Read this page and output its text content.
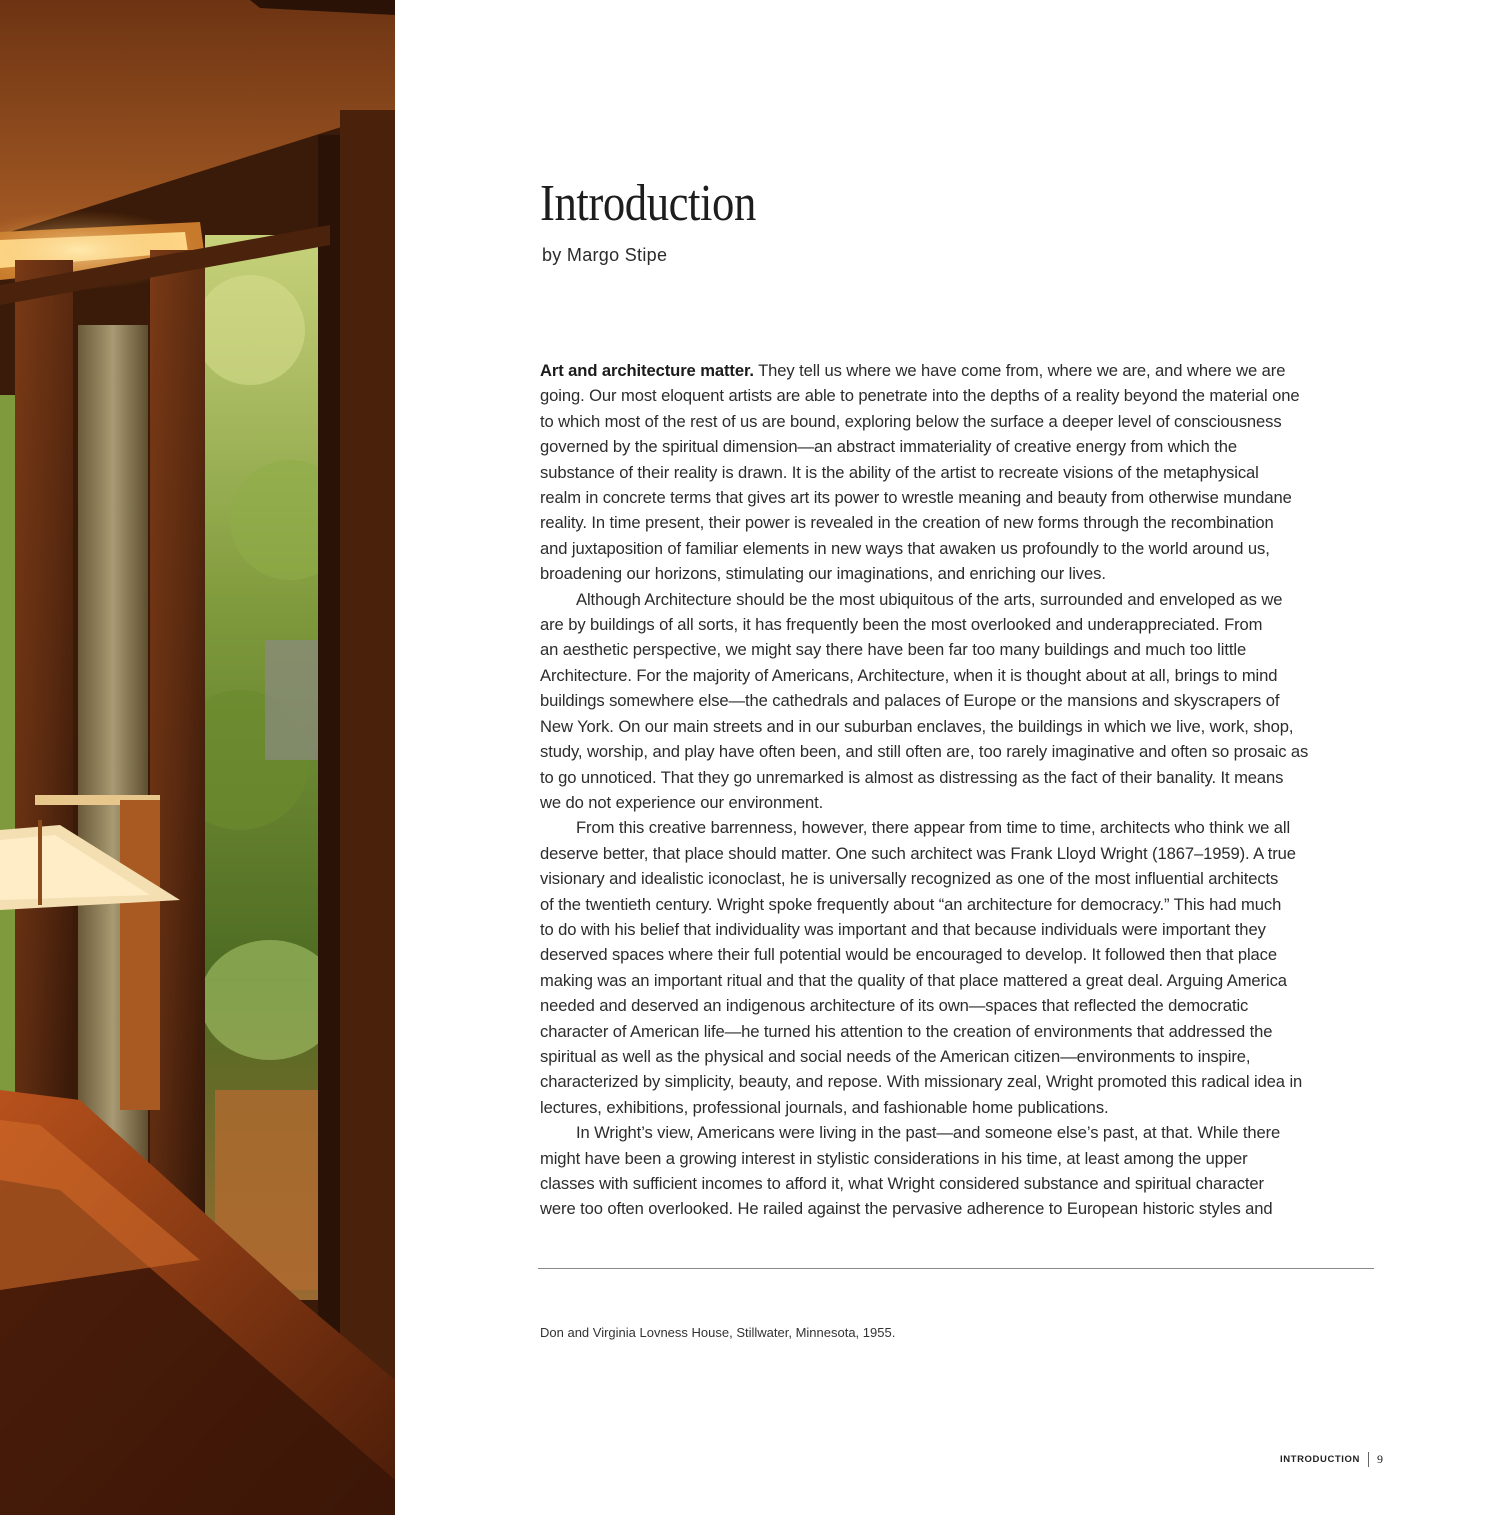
Introduction
by Margo Stipe
Art and architecture matter. They tell us where we have come from, where we are, and where we are
going. Our most eloquent artists are able to penetrate into the depths of a reality beyond the material one
to which most of the rest of us are bound, exploring below the surface a deeper level of consciousness
governed by the spiritual dimension—an abstract immateriality of creative energy from which the
substance of their reality is drawn. It is the ability of the artist to recreate visions of the metaphysical
realm in concrete terms that gives art its power to wrestle meaning and beauty from otherwise mundane
reality. In time present, their power is revealed in the creation of new forms through the recombination
and juxtaposition of familiar elements in new ways that awaken us profoundly to the world around us,
broadening our horizons, stimulating our imaginations, and enriching our lives.
Although Architecture should be the most ubiquitous of the arts, surrounded and enveloped as we
are by buildings of all sorts, it has frequently been the most overlooked and underappreciated. From
an aesthetic perspective, we might say there have been far too many buildings and much too little
Architecture. For the majority of Americans, Architecture, when it is thought about at all, brings to mind
buildings somewhere else—the cathedrals and palaces of Europe or the mansions and skyscrapers of
New York. On our main streets and in our suburban enclaves, the buildings in which we live, work, shop,
study, worship, and play have often been, and still often are, too rarely imaginative and often so prosaic as
to go unnoticed. That they go unremarked is almost as distressing as the fact of their banality. It means
we do not experience our environment.
From this creative barrenness, however, there appear from time to time, architects who think we all
deserve better, that place should matter. One such architect was Frank Lloyd Wright (1867–1959). A true
visionary and idealistic iconoclast, he is universally recognized as one of the most influential architects
of the twentieth century. Wright spoke frequently about “an architecture for democracy.” This had much
to do with his belief that individuality was important and that because individuals were important they
deserved spaces where their full potential would be encouraged to develop. It followed then that place
making was an important ritual and that the quality of that place mattered a great deal. Arguing America
needed and deserved an indigenous architecture of its own—spaces that reflected the democratic
character of American life—he turned his attention to the creation of environments that addressed the
spiritual as well as the physical and social needs of the American citizen—environments to inspire,
characterized by simplicity, beauty, and repose. With missionary zeal, Wright promoted this radical idea in
lectures, exhibitions, professional journals, and fashionable home publications.
In Wright’s view, Americans were living in the past—and someone else’s past, at that. While there
might have been a growing interest in stylistic considerations in his time, at least among the upper
classes with sufficient incomes to afford it, what Wright considered substance and spiritual character
were too often overlooked. He railed against the pervasive adherence to European historic styles and
Don and Virginia Lovness House, Stillwater, Minnesota, 1955.
INTRODUCTION 9
